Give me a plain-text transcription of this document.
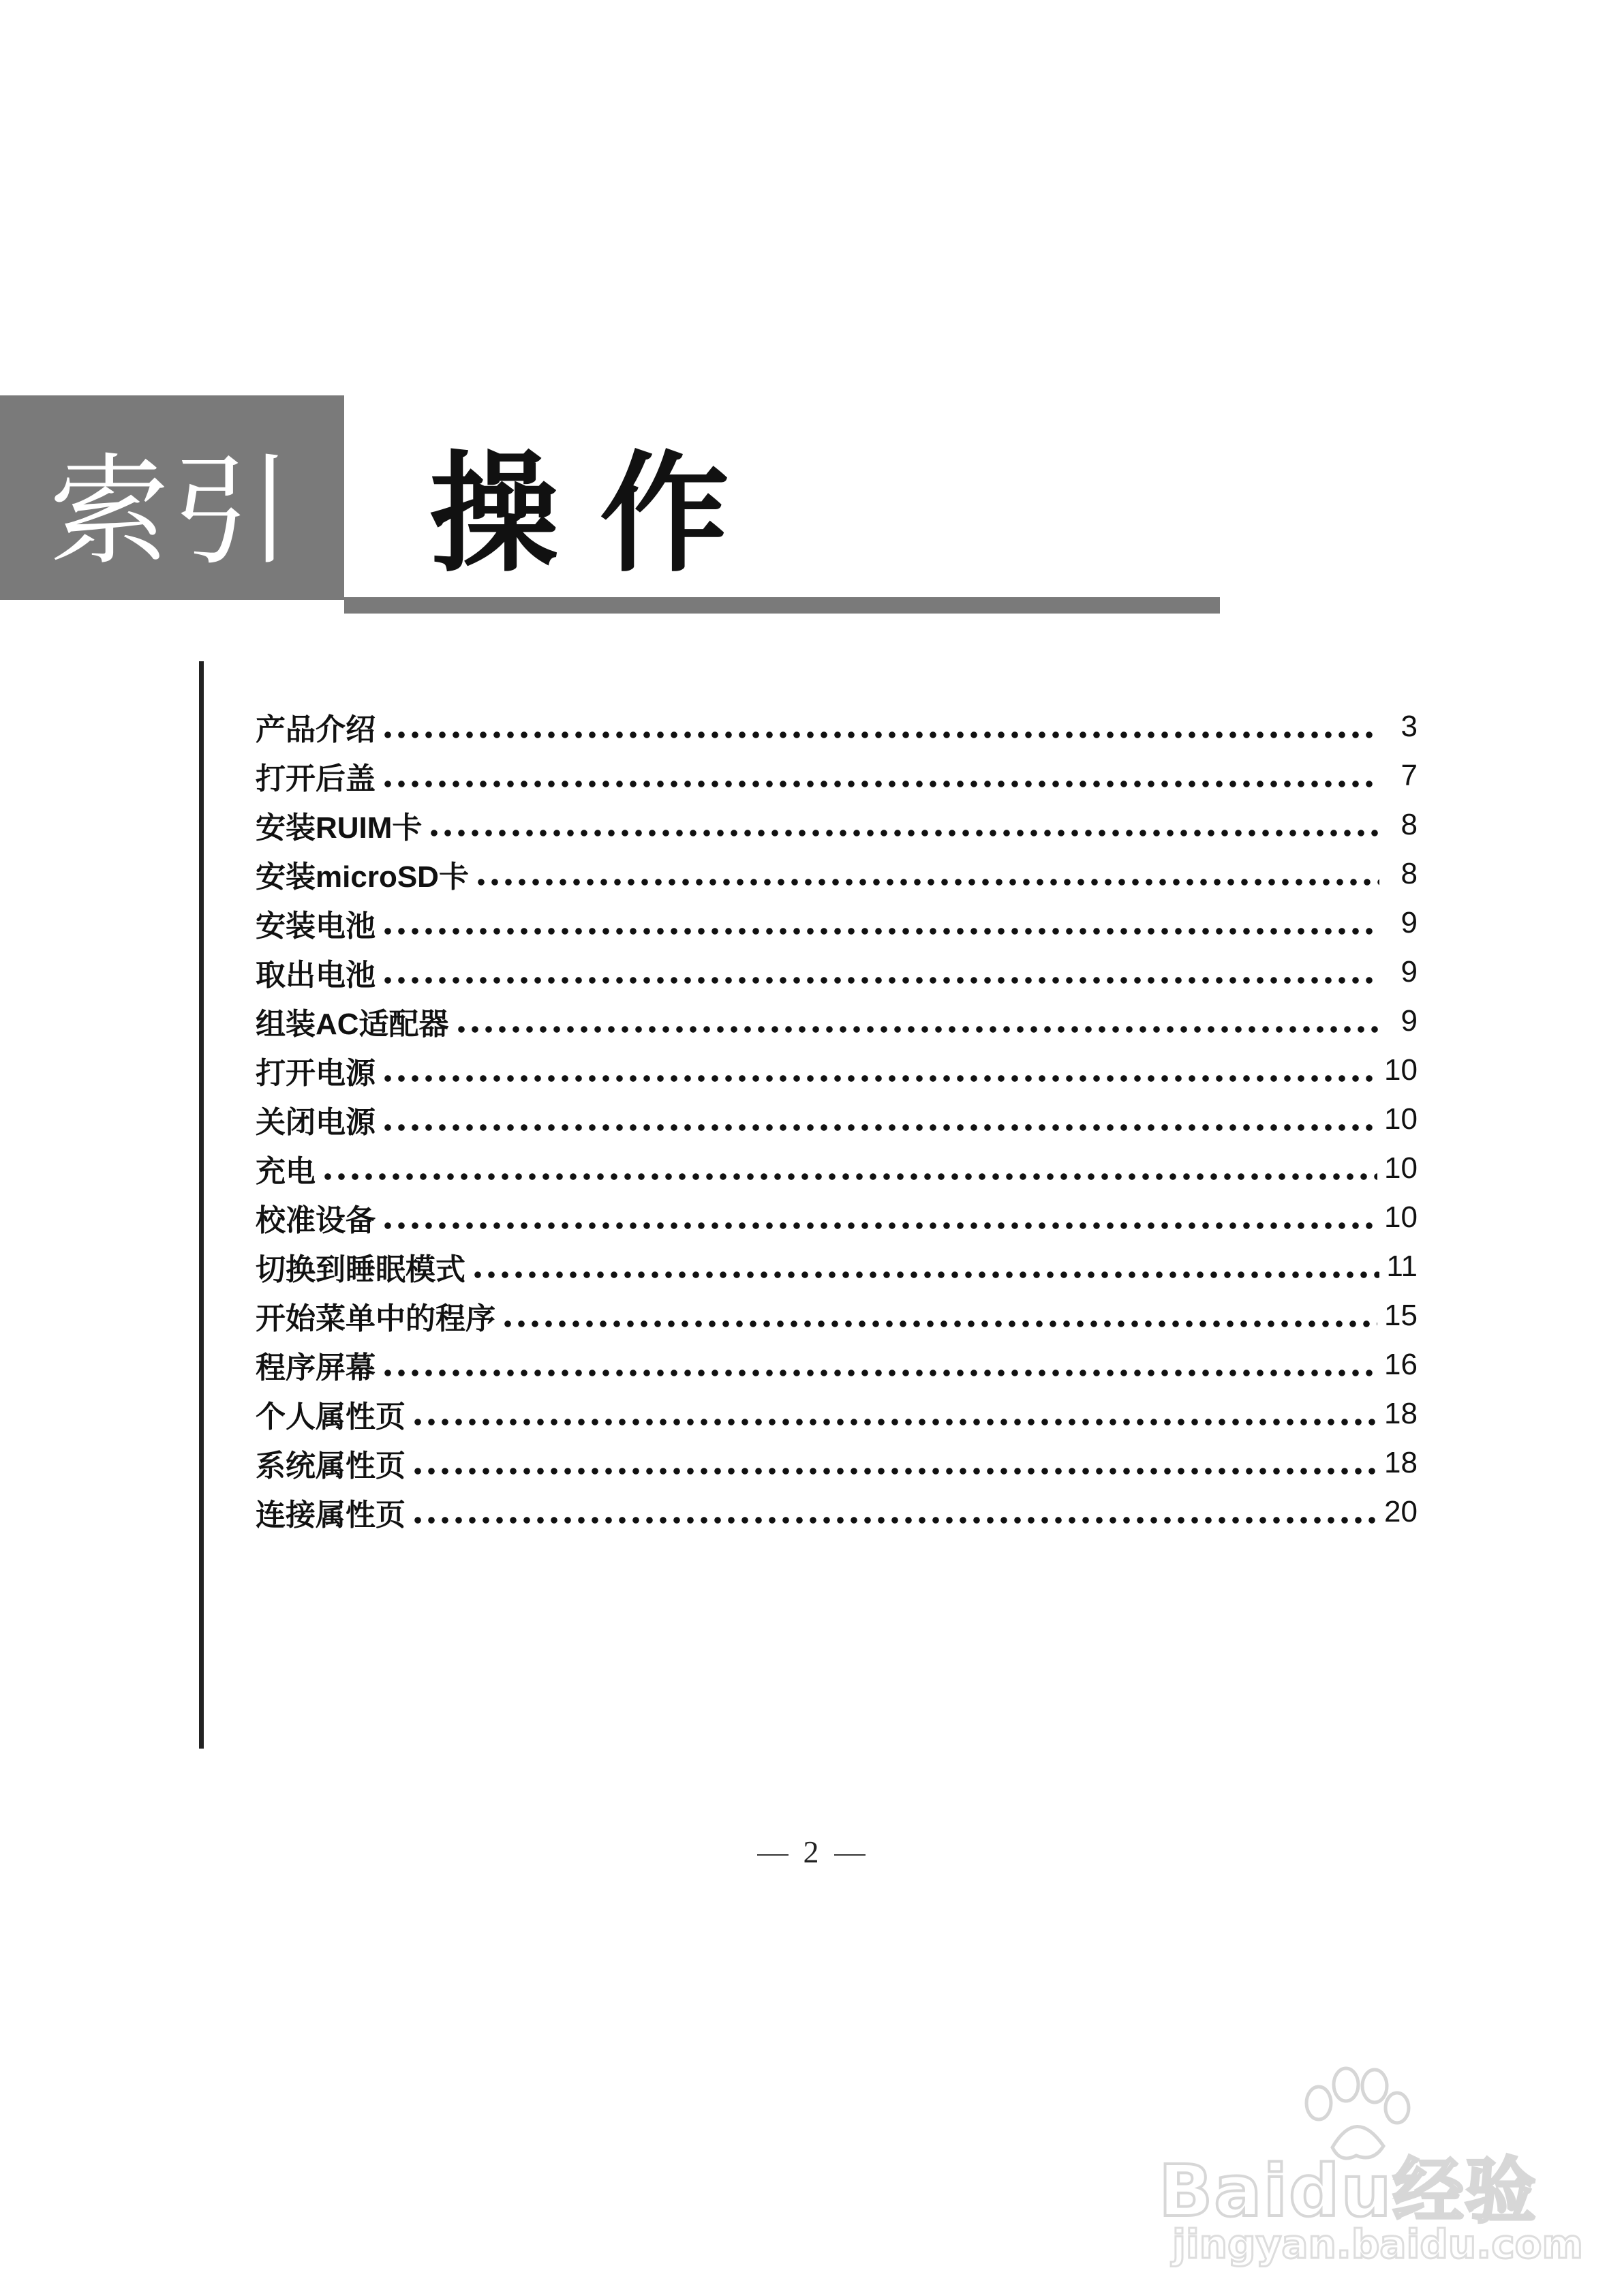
索引	操作
产品介绍	3
打开后盖	7
安装RUIM卡	8
安装microSD卡	8
安装电池	9
取出电池	9
组装AC适配器	9
打开电源	10
关闭电源	10
充电	10
校准设备	10
切换到睡眠模式	11
开始菜单中的程序	15
程序屏幕	16
个人属性页	18
系统属性页	18
连接属性页	20
2
Baidu经验
jingyan.baidu.com
